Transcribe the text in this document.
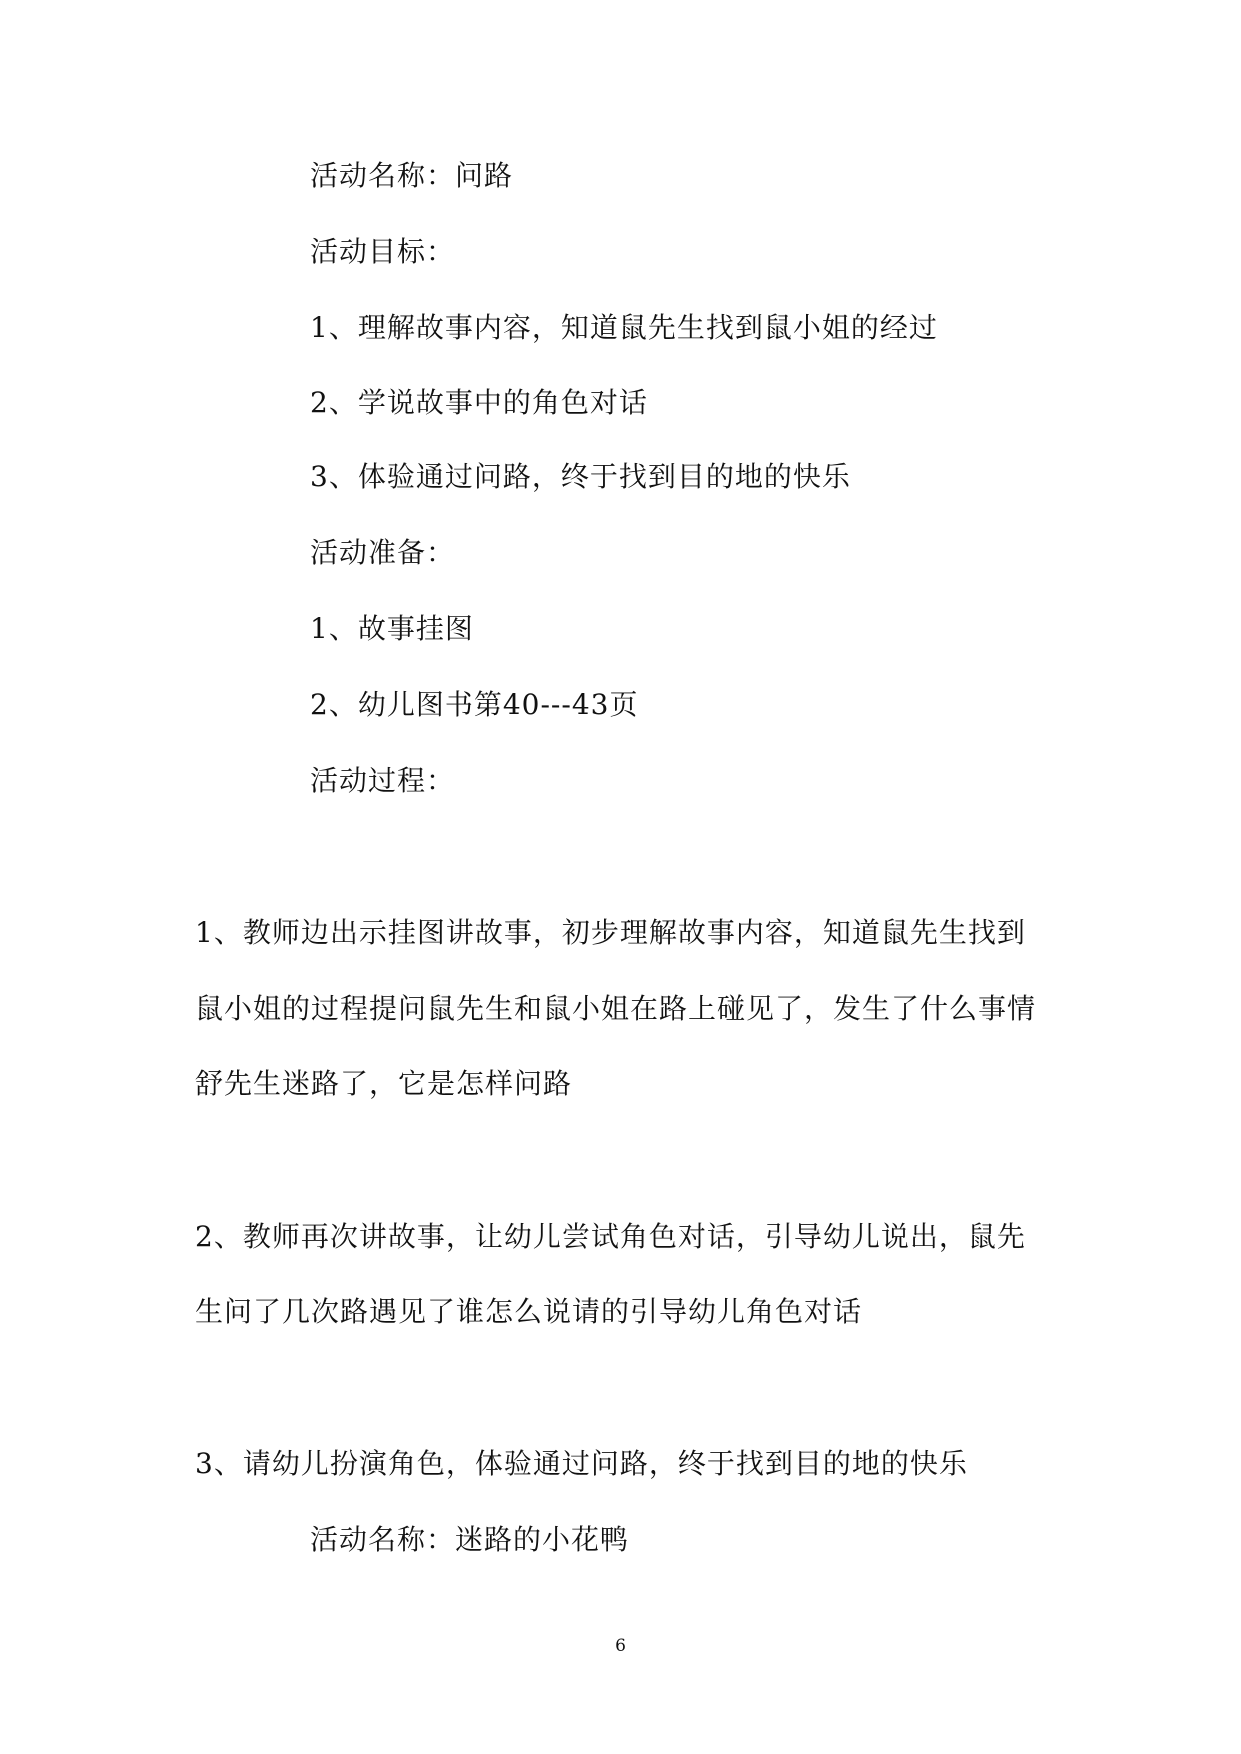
活动名称：问路
活动目标：
1、理解故事内容，知道鼠先生找到鼠小姐的经过
2、学说故事中的角色对话
3、体验通过问路，终于找到目的地的快乐
活动准备：
1、故事挂图
2、幼儿图书第40---43页
活动过程：
1、教师边出示挂图讲故事，初步理解故事内容，知道鼠先生找到
鼠小姐的过程提问鼠先生和鼠小姐在路上碰见了，发生了什么事情
舒先生迷路了，它是怎样问路
2、教师再次讲故事，让幼儿尝试角色对话，引导幼儿说出，鼠先
生问了几次路遇见了谁怎么说请的引导幼儿角色对话
3、请幼儿扮演角色，体验通过问路，终于找到目的地的快乐
活动名称：迷路的小花鸭
6
